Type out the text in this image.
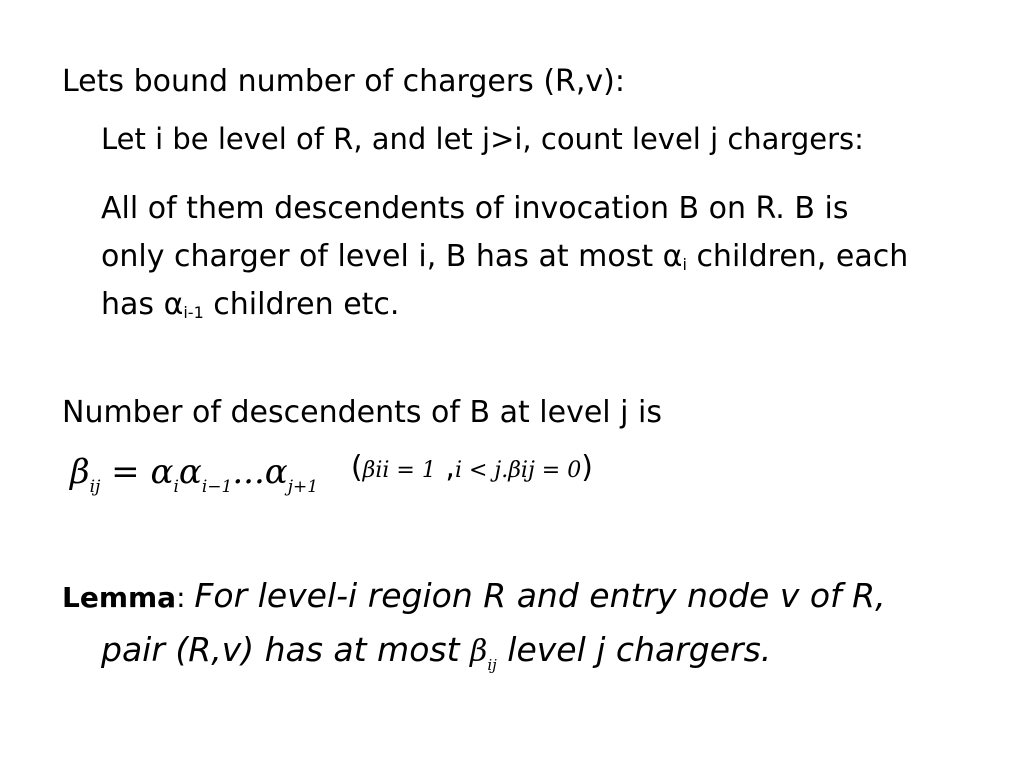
Lets bound number of chargers (R,v):
Let i be level of R, and let j>i, count level j chargers:
All of them descendents of invocation B on R. B is
only charger of level i, B has at most αi children, each
has αi-1 children etc.
Number of descendents of B at level j is
$\beta_{ij} = \alpha_i\alpha_{i-1}...\alpha_{j+1}$ (βii = 1 ,i < j.βij = 0)
Lemma: For level-i region R and entry node v of R,
pair (R,v) has at most $\beta_{ij}$ level j chargers.
